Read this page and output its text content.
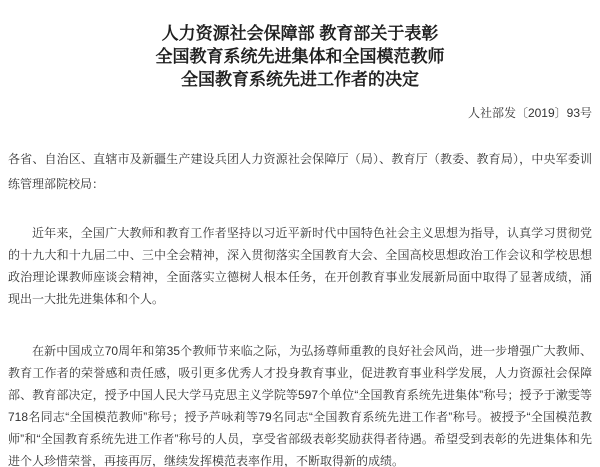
人力资源社会保障部 教育部关于表彰
全国教育系统先进集体和全国模范教师
全国教育系统先进工作者的决定
人社部发〔2019〕93号
各省、自治区、直辖市及新疆生产建设兵团人力资源社会保障厅（局）、教育厅（教委、教育局），中央军委训练管理部院校局：

近年来，全国广大教师和教育工作者坚持以习近平新时代中国特色社会主义思想为指导，认真学习贯彻党的十九大和十九届二中、三中全会精神，深入贯彻落实全国教育大会、全国高校思想政治工作会议和学校思想政治理论课教师座谈会精神，全面落实立德树人根本任务，在开创教育事业发展新局面中取得了显著成绩，涌现出一大批先进集体和个人。

在新中国成立70周年和第35个教师节来临之际，为弘扬尊师重教的良好社会风尚，进一步增强广大教师、教育工作者的荣誉感和责任感，吸引更多优秀人才投身教育事业，促进教育事业科学发展，人力资源社会保障部、教育部决定，授予中国人民大学马克思主义学院等597个单位“全国教育系统先进集体”称号；授予于漱雯等718名同志“全国模范教师”称号；授予芦咏莉等79名同志“全国教育系统先进工作者”称号。被授予“全国模范教师”和“全国教育系统先进工作者”称号的人员，享受省部级表彰奖励获得者待遇。希望受到表彰的先进集体和先进个人珍惜荣誉，再接再厉，继续发挥模范表率作用，不断取得新的成绩。
